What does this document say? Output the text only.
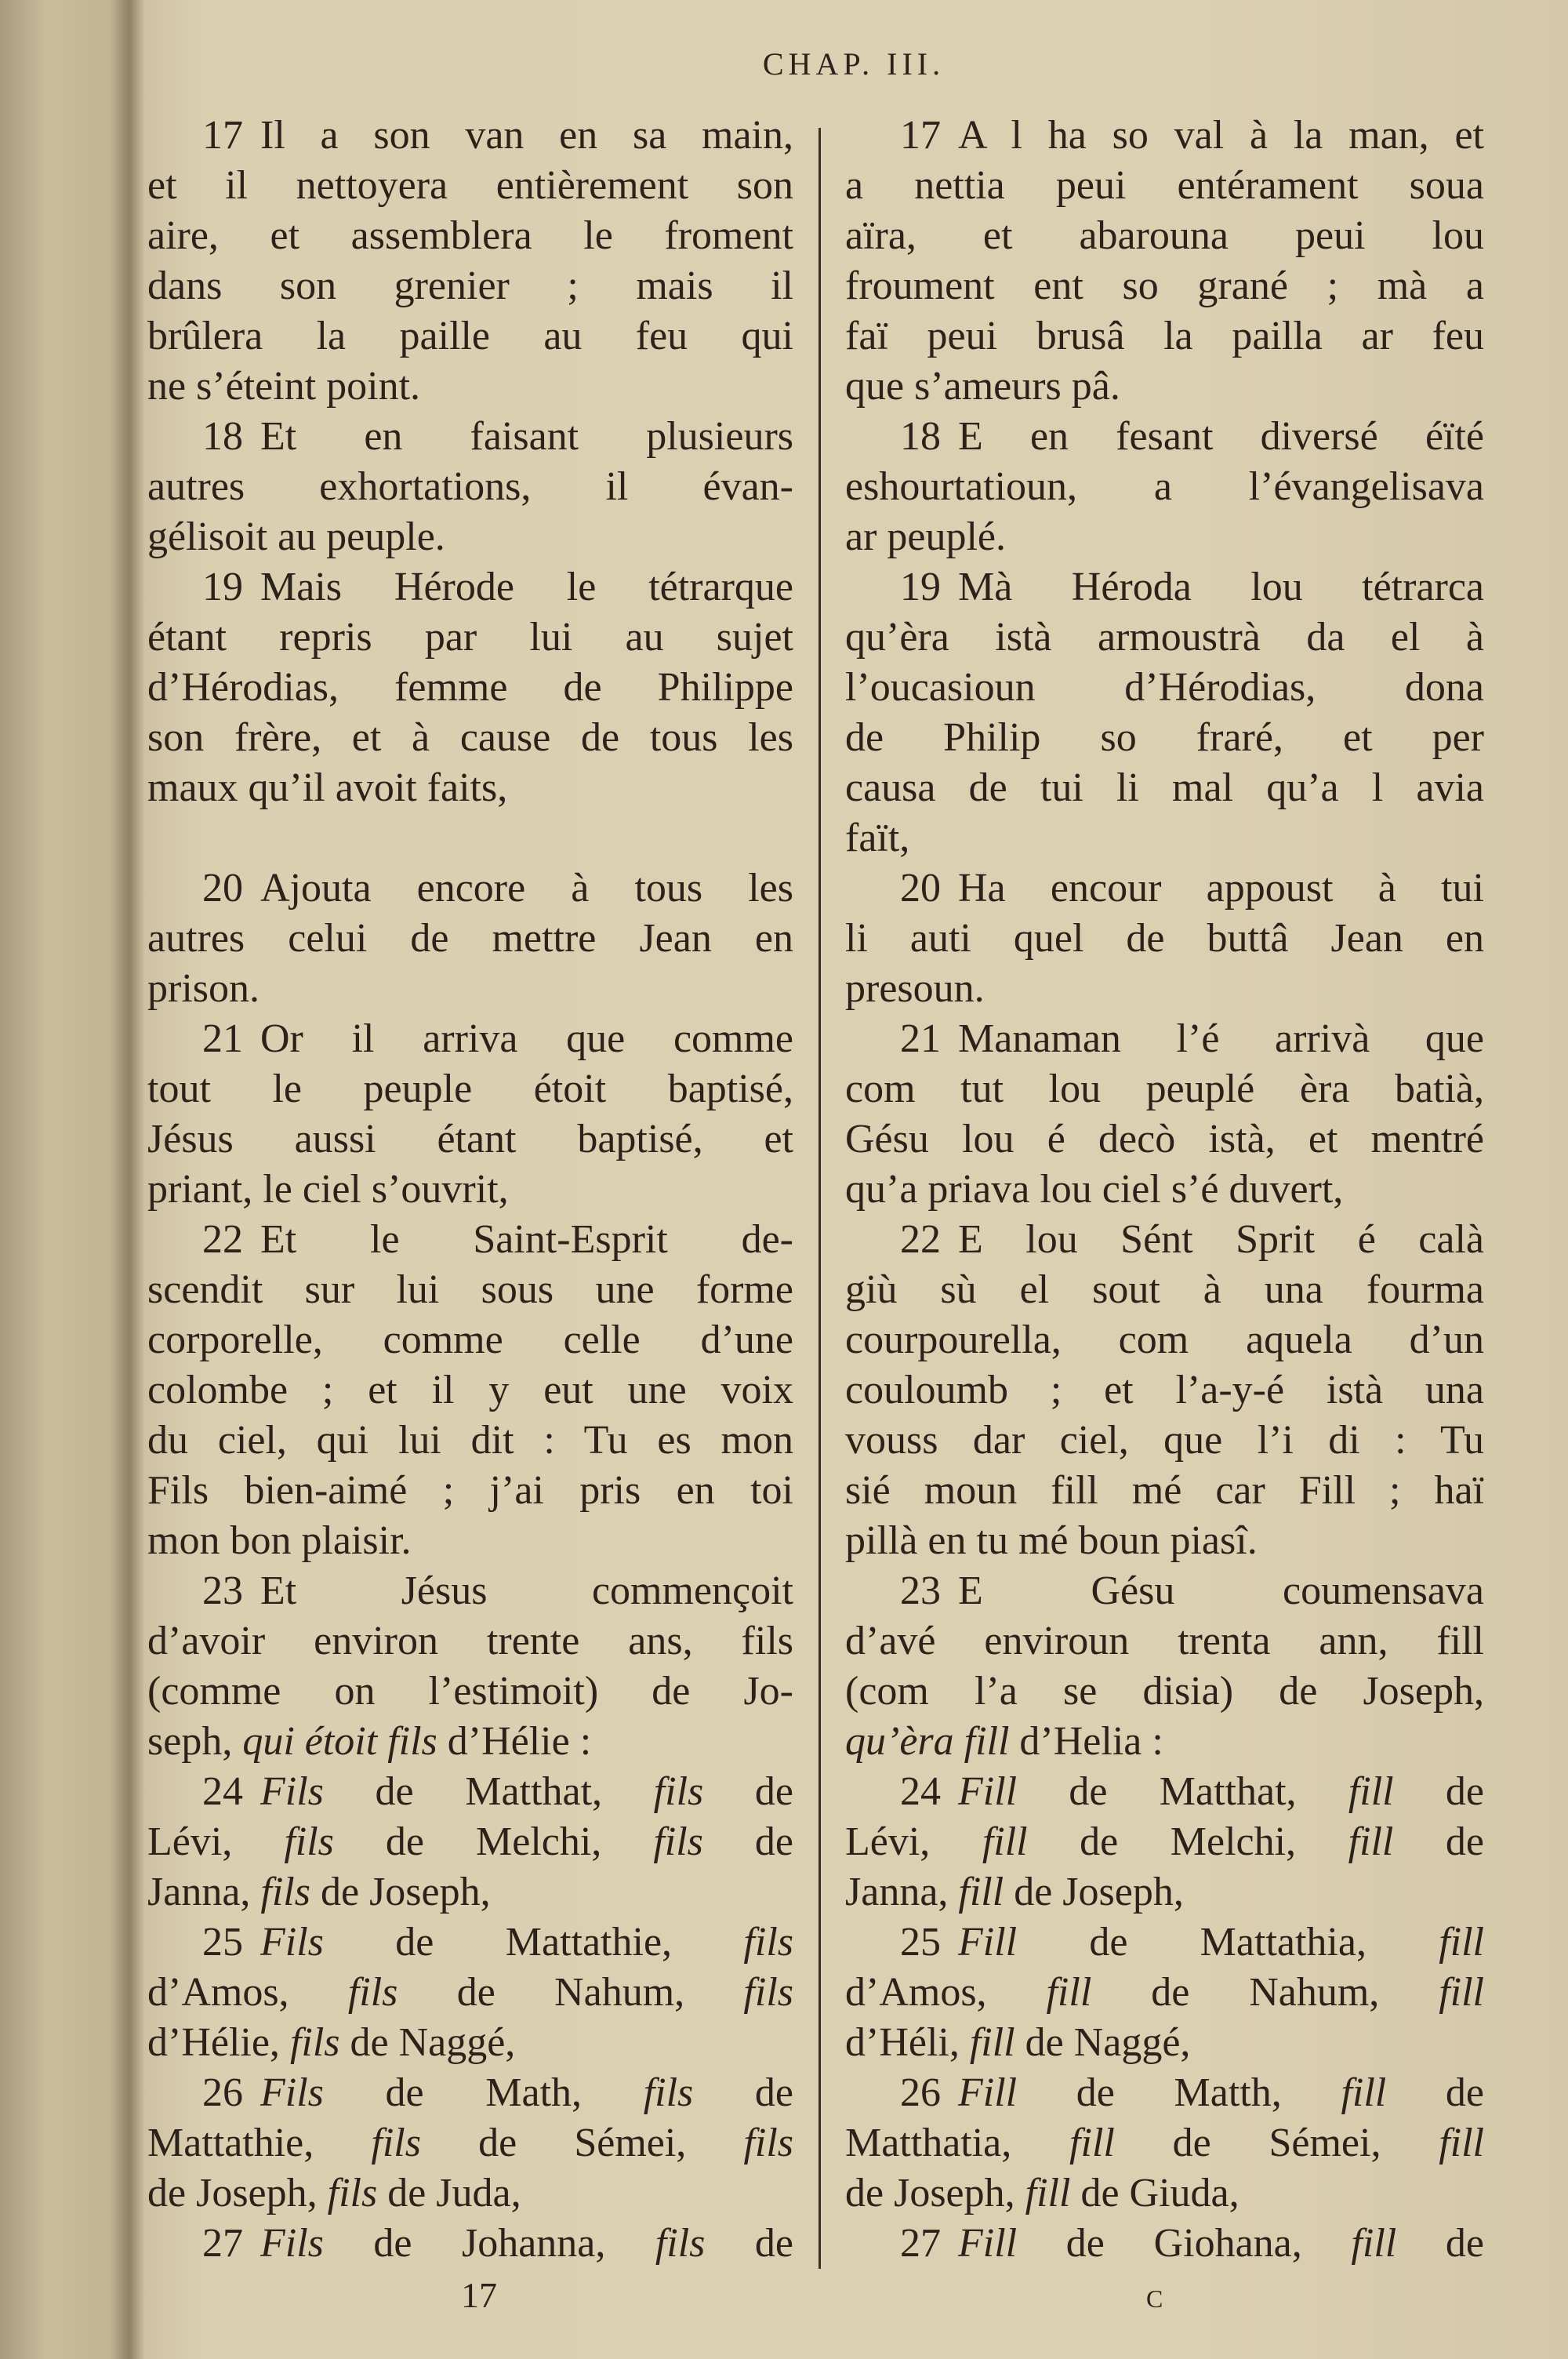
CHAP. III.
17 Il a son van en sa main,
et il nettoyera entièrement son
aire, et assemblera le froment
dans son grenier ; mais il
brûlera la paille au feu qui
ne s’éteint point.
18 Et en faisant plusieurs
autres exhortations, il évan-
gélisoit au peuple.
19 Mais Hérode le tétrarque
étant repris par lui au sujet
d’Hérodias, femme de Philippe
son frère, et à cause de tous les
maux qu’il avoit faits,
20 Ajouta encore à tous les
autres celui de mettre Jean en
prison.
21 Or il arriva que comme
tout le peuple étoit baptisé,
Jésus aussi étant baptisé, et
priant, le ciel s’ouvrit,
22 Et le Saint-Esprit de-
scendit sur lui sous une forme
corporelle, comme celle d’une
colombe ; et il y eut une voix
du ciel, qui lui dit : Tu es mon
Fils bien-aimé ; j’ai pris en toi
mon bon plaisir.
23 Et Jésus commençoit
d’avoir environ trente ans, fils
(comme on l’estimoit) de Jo-
seph, qui étoit fils d’Hélie :
24 Fils de Matthat, fils de
Lévi, fils de Melchi, fils de
Janna, fils de Joseph,
25 Fils de Mattathie, fils
d’Amos, fils de Nahum, fils
d’Hélie, fils de Naggé,
26 Fils de Math, fils de
Mattathie, fils de Sémei, fils
de Joseph, fils de Juda,
27 Fils de Johanna, fils de
17 A l ha so val à la man, et
a nettia peui entérament soua
aïra, et abarouna peui lou
froument ent so grané ; mà a
faï peui brusâ la pailla ar feu
que s’ameurs pâ.
18 E en fesant diversé éïté
eshourtatioun, a l’évangelisava
ar peuplé.
19 Mà Héroda lou tétrarca
qu’èra istà armoustrà da el à
l’oucasioun d’Hérodias, dona
de Philip so frаré, et per
causa de tui li mal qu’a l avia
faït,
20 Ha encour appoust à tui
li auti quel de buttâ Jean en
presoun.
21 Manaman l’é arrivà que
com tut lou peuplé èra batià,
Gésu lou é decò istà, et mentré
qu’a priava lou ciel s’é duvert,
22 E lou Sént Sprit é calà
giù sù el sout à una fourma
courpourella, com aquela d’un
couloumb ; et l’a-y-é istà una
vouss dar ciel, que l’i di : Tu
sié moun fill mé car Fill ; haï
pillà en tu mé boun piasî.
23 E Gésu coumensava
d’avé enviroun trenta ann, fill
(com l’a se disia) de Joseph,
qu’èra fill d’Helia :
24 Fill de Matthat, fill de
Lévi, fill de Melchi, fill de
Janna, fill de Joseph,
25 Fill de Mattathia, fill
d’Amos, fill de Nahum, fill
d’Héli, fill de Naggé,
26 Fill de Matth, fill de
Matthatia, fill de Sémei, fill
de Joseph, fill de Giuda,
27 Fill de Giohana, fill de
17	c
